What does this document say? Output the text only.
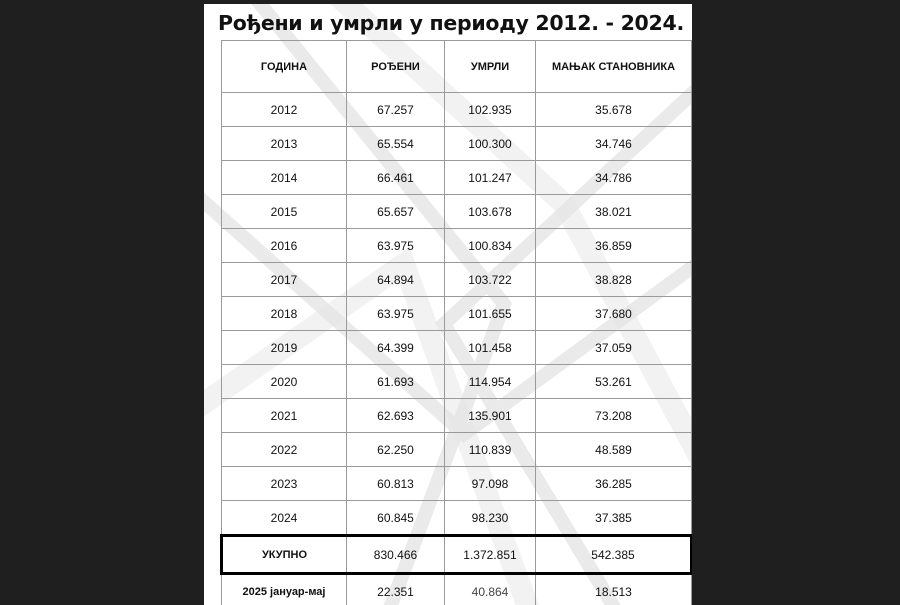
Рођени и умрли у периоду 2012. - 2024.
ГОДИНА	РОЂЕНИ	УМРЛИ	МАЊАК СТАНОВНИКА
2012	67.257	102.935	35.678
2013	65.554	100.300	34.746
2014	66.461	101.247	34.786
2015	65.657	103.678	38.021
2016	63.975	100.834	36.859
2017	64.894	103.722	38.828
2018	63.975	101.655	37.680
2019	64.399	101.458	37.059
2020	61.693	114.954	53.261
2021	62.693	135.901	73.208
2022	62.250	110.839	48.589
2023	60.813	97.098	36.285
2024	60.845	98.230	37.385
УКУПНО	830.466	1.372.851	542.385
2025 јануар-мај	22.351	40.864	18.513
